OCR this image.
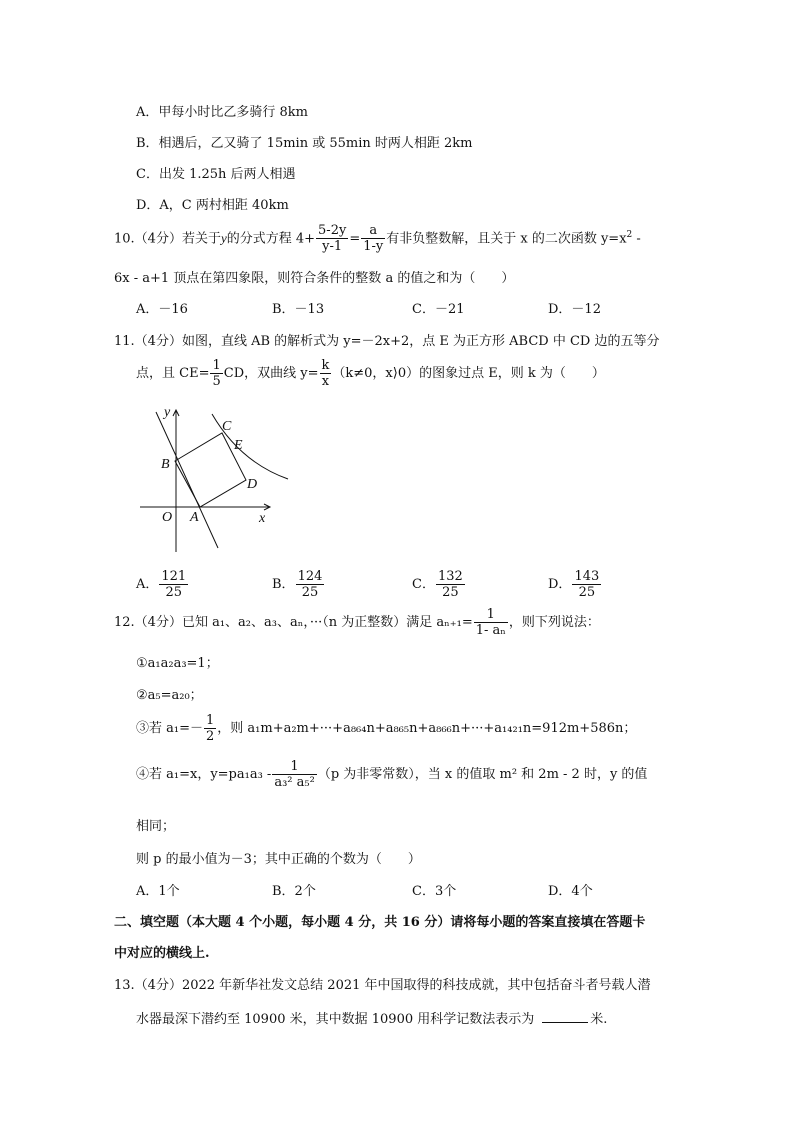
A．甲每小时比乙多骑行 8km
B．相遇后，乙又骑了 15min 或 55min 时两人相距 2km
C．出发 1.25h 后两人相遇
D．A，C 两村相距 40km
10.（4分）若关于y的分式方程 $4+ \frac{5-2y}{y-1} = \frac{a}{1-y}$ 有非负整数解，且关于 x 的二次函数 $y=x^2$ -
6x - a+1 顶点在第四象限，则符合条件的整数 a 的值之和为（　　）
A．－16	B．－13	C．－21	D．－12
11.（4分）如图，直线 AB 的解析式为 y=－2x+2，点 E 为正方形 ABCD 中 CD 边的五等分
点，且 $CE= \frac{1}{5}$ CD，双曲线 $y= \frac{k}{x} (k\ne 0$，x⟩0）的图象过点 E，则 k 为（　　）
y
C
E
B
D
O A	x
A． $\frac{121}{25}$	B． $\frac{124}{25}$	C． $\frac{132}{25}$	D． $\frac{143}{25}$
12.（4分）已知 a₁、a₂、a₃、aₙ，···（n 为正整数）满足 $a_{n+1}= \frac{1}{\text{1- aₙ}}$ ，则下列说法：
①a₁a₂a₃=1；
②a₅=a₂₀；
③若 $a_1=- \frac{1}{2}$ ，则 a₁m+a₂m+···+a₈₆₄n+a₈₆₅n+a₈₆₆n+···+a₁₄₂₁n=912m+586n；
④若 a₁=x，$y=pa_1a_3 - \frac{1}{\text{a₃² a₅²}} (p$ 为非零常数），当 x 的值取 m² 和 2m - 2 时，y 的值
相同；
则 p 的最小值为－3；其中正确的个数为（　　）
A．1个	B．2个	C．3个	D．4个
二、填空题（本大题 4 个小题，每小题 4 分，共 16 分）请将每小题的答案直接填在答题卡
中对应的横线上.
13.（4分）2022 年新华社发文总结 2021 年中国取得的科技成就，其中包括奋斗者号载人潜
水器最深下潜约至 10900 米，其中数据 10900 用科学记数法表示为	米.
